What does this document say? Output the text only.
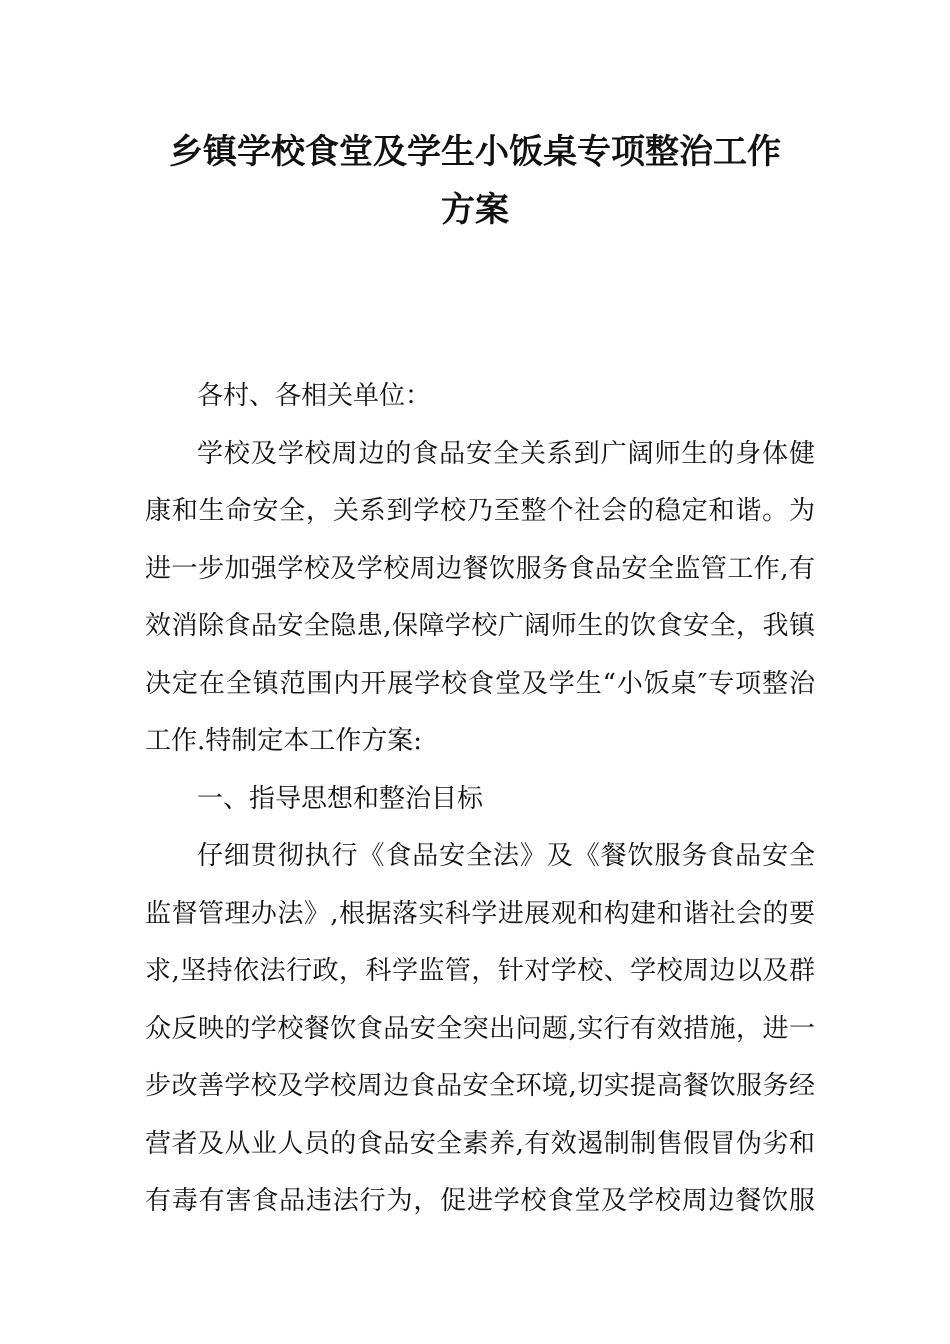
乡镇学校食堂及学生小饭桌专项整治工作
方案
各村、各相关单位：
学校及学校周边的食品安全关系到广阔师生的身体健
康和生命安全，关系到学校乃至整个社会的稳定和谐。为
进一步加强学校及学校周边餐饮服务食品安全监管工作,有
效消除食品安全隐患,保障学校广阔师生的饮食安全，我镇
决定在全镇范围内开展学校食堂及学生“小饭桌″专项整治
工作.特制定本工作方案:
一、指导思想和整治目标
仔细贯彻执行《食品安全法》及《餐饮服务食品安全
监督管理办法》,根据落实科学进展观和构建和谐社会的要
求,坚持依法行政，科学监管，针对学校、学校周边以及群
众反映的学校餐饮食品安全突出问题,实行有效措施，进一
步改善学校及学校周边食品安全环境,切实提高餐饮服务经
营者及从业人员的食品安全素养,有效遏制制售假冒伪劣和
有毒有害食品违法行为，促进学校食堂及学校周边餐饮服
